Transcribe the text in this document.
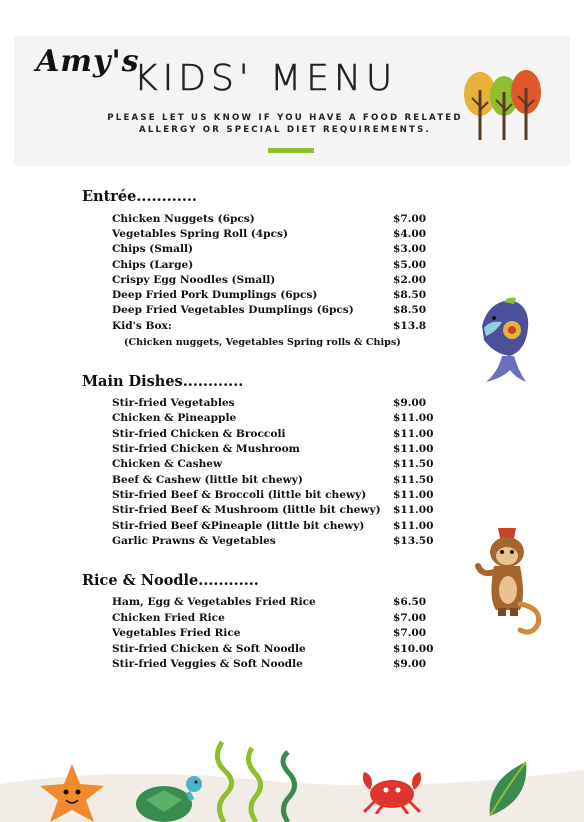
Amy's
KIDS' MENU
PLEASE LET US KNOW IF YOU HAVE A FOOD RELATED
ALLERGY OR SPECIAL DIET REQUIREMENTS.
Entrée............
Chicken Nuggets (6pcs)	$7.00
Vegetables Spring Roll (4pcs)	$4.00
Chips (Small)	$3.00
Chips (Large)	$5.00
Crispy Egg Noodles (Small)	$2.00
Deep Fried Pork Dumplings (6pcs)	$8.50
Deep Fried Vegetables Dumplings (6pcs)	$8.50
Kid's Box:	$13.8
(Chicken nuggets, Vegetables Spring rolls & Chips)
Main Dishes............
Stir-fried Vegetables	$9.00
Chicken & Pineapple	$11.00
Stir-fried Chicken & Broccoli	$11.00
Stir-fried Chicken & Mushroom	$11.00
Chicken & Cashew	$11.50
Beef & Cashew (little bit chewy)	$11.50
Stir-fried Beef & Broccoli (little bit chewy)	$11.00
Stir-fried Beef & Mushroom (little bit chewy) $11.00
Stir-fried Beef &Pineaple (little bit chewy)	$11.00
Garlic Prawns & Vegetables	$13.50
Rice & Noodle............
Ham, Egg & Vegetables Fried Rice	$6.50
Chicken Fried Rice	$7.00
Vegetables Fried Rice	$7.00
Stir-fried Chicken & Soft Noodle	$10.00
Stir-fried Veggies & Soft Noodle	$9.00
